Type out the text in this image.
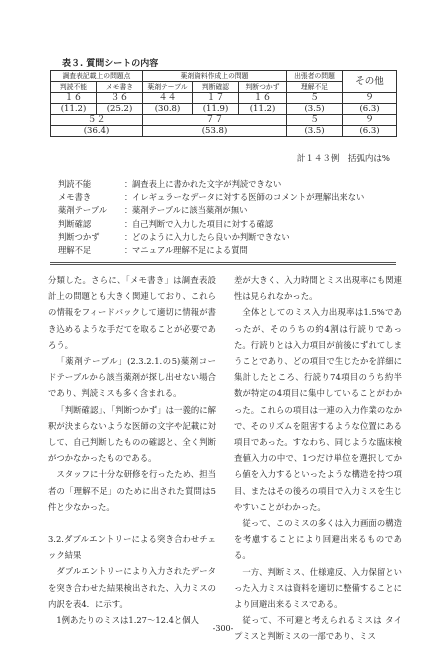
表３. 質問シートの内容
調査表記載上の問題点		薬剤資料作成上の問題			出張者の問題	その他
判読不能	メモ書き	薬剤テーブル	判断確認	判断つかず	理解不足	
１６	３６	４４	１７	１６	５	９
(11.2)	(25.2)	(30.8)	(11.9)	(11.2)	(3.5)	(6.3)
５２		７７			５	９
(36.4)		(53.8)			(3.5)	(6.3)
計１４３例　括弧内は%
判読不能	： 調査表上に書かれた文字が判読できない
メモ書き	： イレギュラーなデータに対する医師のコメントが理解出来ない
薬剤テーブル	： 薬剤テーブルに該当薬剤が無い
判断確認	： 自己判断で入力した項目に対する確認
判断つかず	： どのように入力したら良いか判断できない
理解不足	： マニュアル理解不足による質問

分類した。さらに、「メモ書き」は調査表設計上の問題とも大きく関連しており、これらの情報をフィードバックして適切に情報が書き込めるような手だてを取ることが必要であろう。

「薬剤テーブル」(2.3.2.1.の5)薬剤コードテーブルから該当薬剤が探し出せない場合であり、判読ミスも多く含まれる。

「判断確認」、「判断つかず」は一義的に解釈が決まらないような医師の文字や記載に対して、自己判断したものの確認と、全く判断がつかなかったものである。

スタッフに十分な研修を行ったため、担当者の「理解不足」のために出された質問は5件と少なかった。

3.2.ダブルエントリーによる突き合わせチェック結果

ダブルエントリーにより入力されたデータを突き合わせた結果検出された、入力ミスの内訳を表4．に示す。

1例あたりのミスは1.27～12.4と個人

差が大きく、入力時間とミス出現率にも関連性は見られなかった。

全体としてのミス入力出現率は1.5%であったが、そのうちの約4割は行読りであった。行読りとは入力項目が前後にずれてしまうことであり、どの項目で生じたかを詳細に集計したところ、行読り74項目のうち約半数が特定の4項目に集中していることがわかった。これらの項目は一連の入力作業のなかで、そのリズムを阻害するような位置にある項目であった。すなわち、同じような臨床検査値入力の中で、1つだけ単位を選択してから値を入力するといったような構造を持つ項目、またはその後ろの項目で入力ミスを生じやすいことがわかった。

従って、このミスの多くは入力画面の構造を考慮することにより回避出来るものである。

一方、判断ミス、仕様違反、入力保留といった入力ミスは資料を適切に整備することにより回避出来るミスである。

従って、不可避と考えられるミスは タイプミスと判断ミスの一部であり、ミス

-300-
